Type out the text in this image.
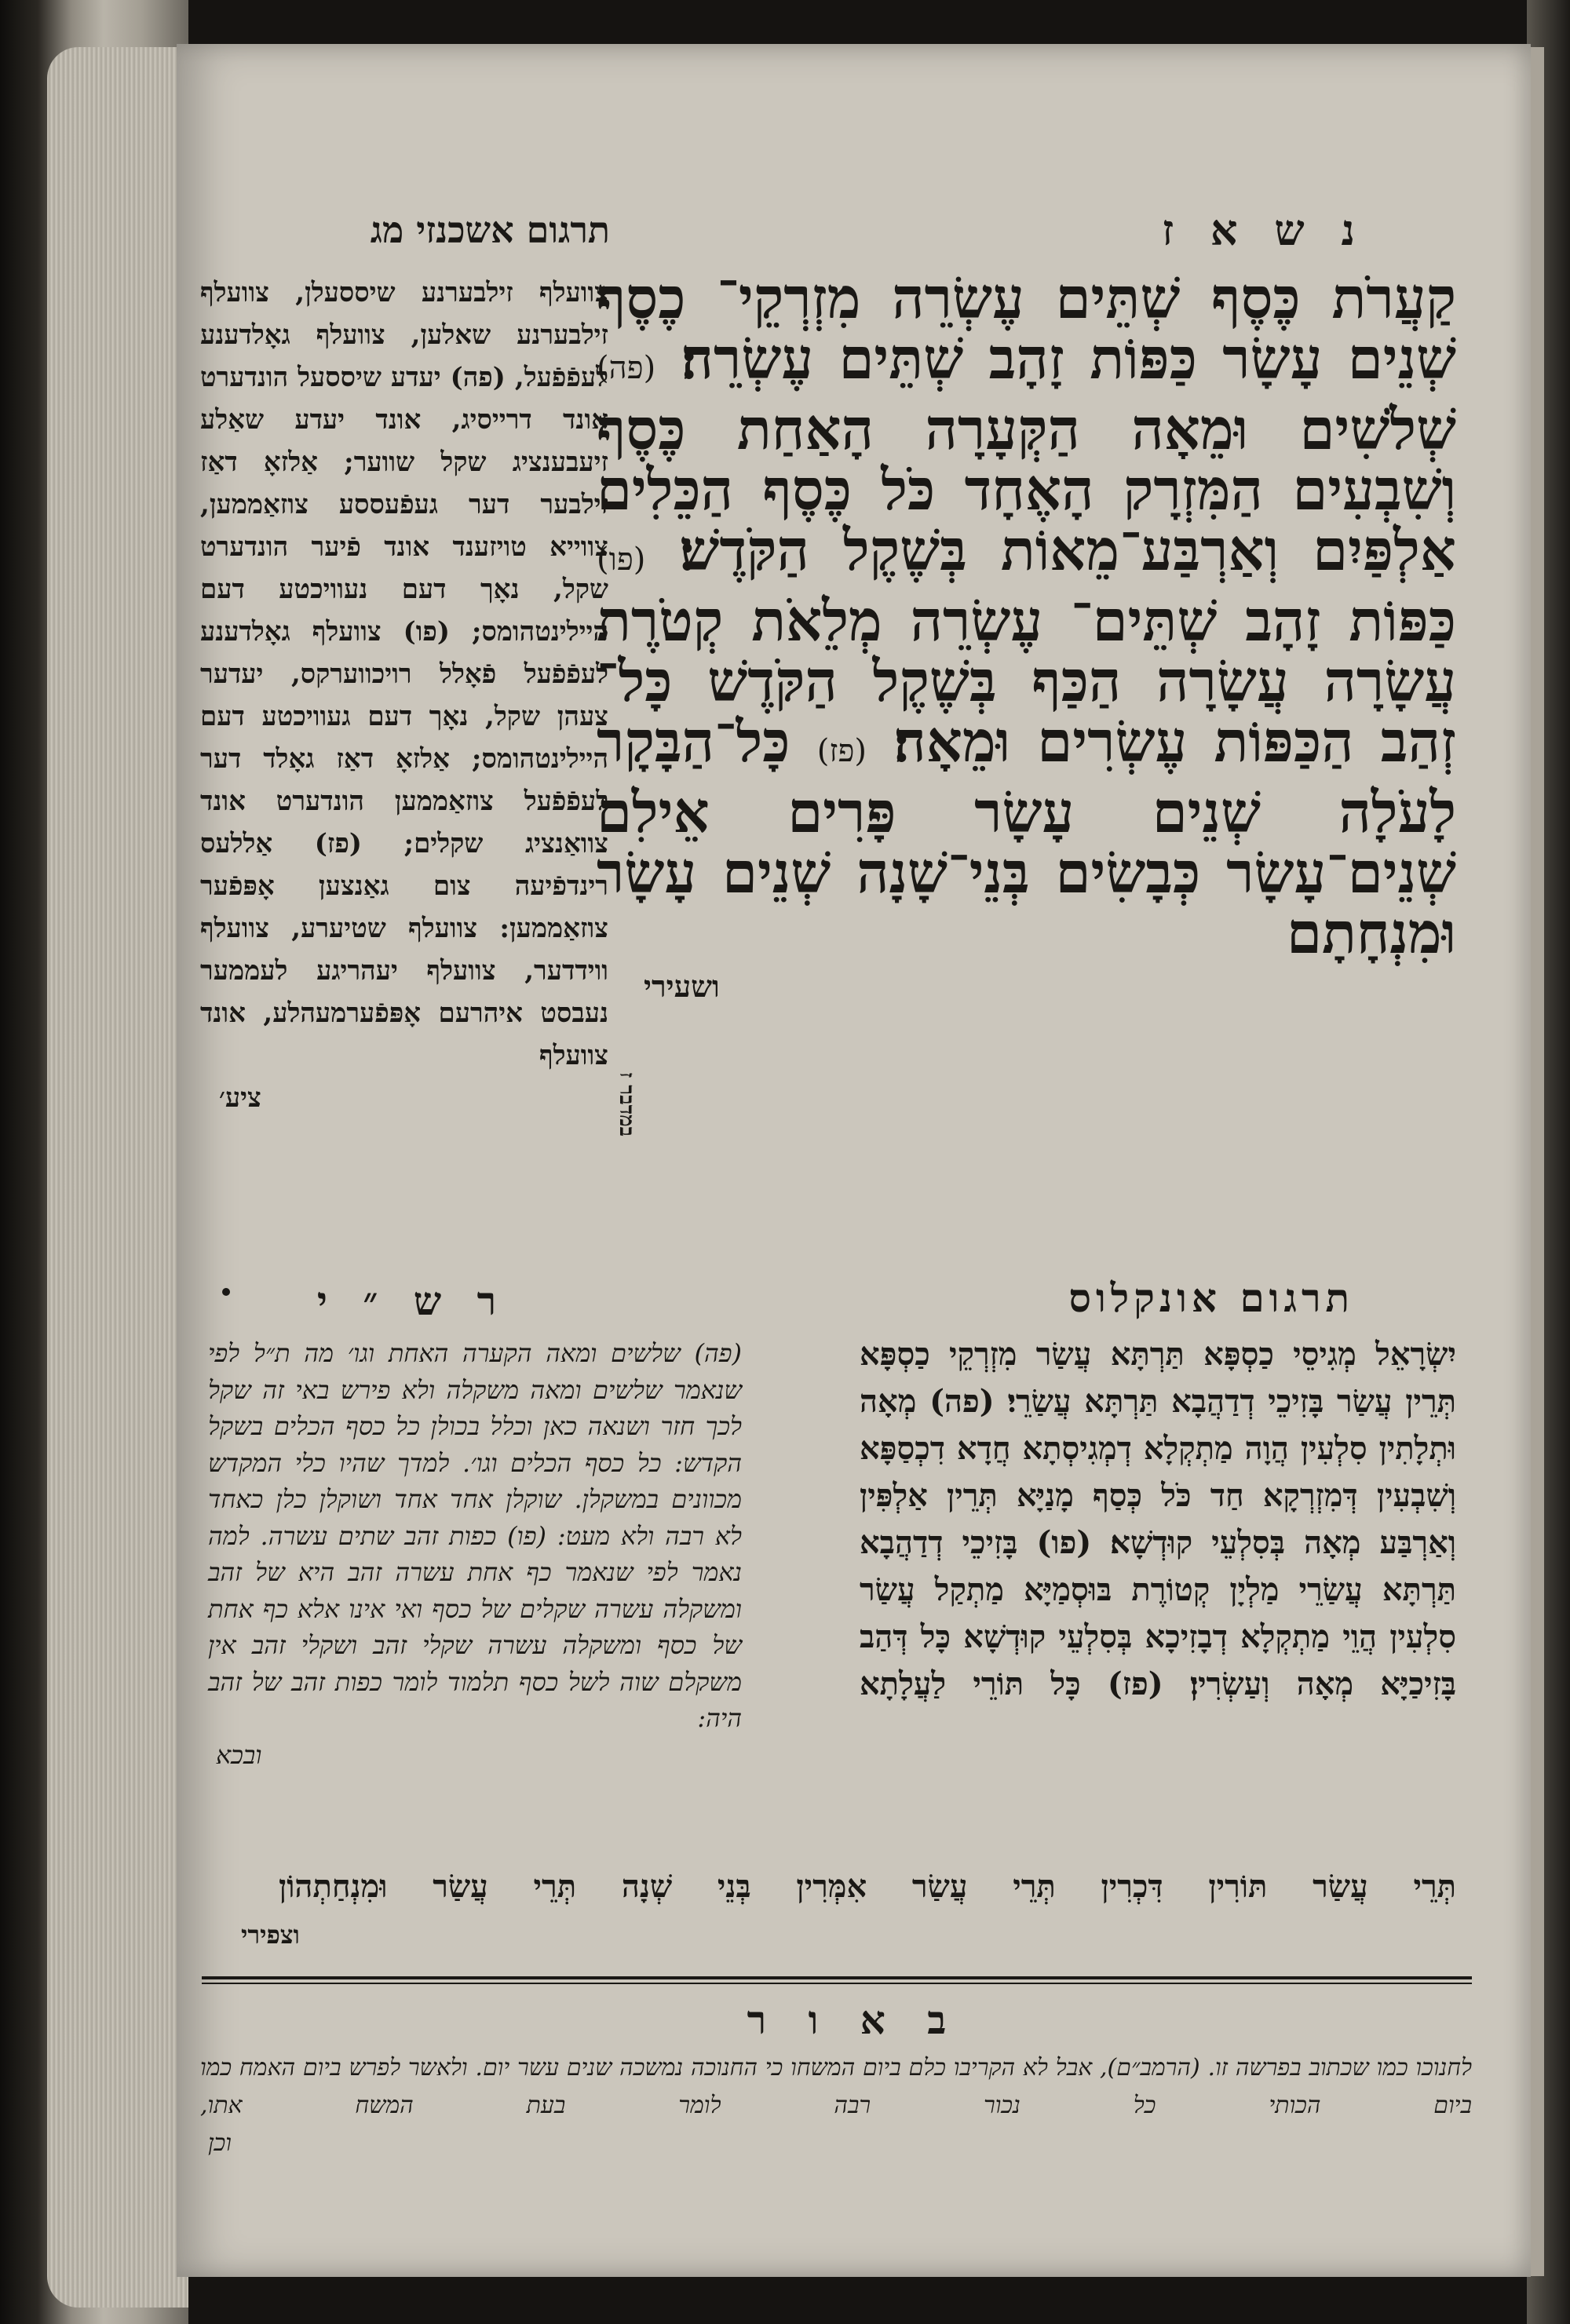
נ ש א ז
תרגום אשכנזי מג
קַעֲרֹת כֶּסֶף שְׁתֵּים עֶשְׂרֵה מִזְרְקֵי־ כֶסֶף שְׁנֵים עָשָׂר כַּפּוֹת זָהָב שְׁתֵּים עֶשְׂרֵה׃ (פה) שְׁלֹשִׁים וּמֵאָה הַקְּעָרָה הָאַחַת כֶּסֶף וְשִׁבְעִים הַמִּזְרָק הָאֶחָד כֹּל כֶּסֶף הַכֵּלִים אַלְפַּיִם וְאַרְבַּע־מֵאוֹת בְּשֶׁקֶל הַקֹּדֶשׁ׃ (פו) כַּפּוֹת זָהָב שְׁתֵּים־ עֶשְׂרֵה מְלֵאֹת קְטֹרֶת עֲשָׂרָה עֲשָׂרָה הַכַּף בְּשֶׁקֶל הַקֹּדֶשׁ כָּל־ זְהַב הַכַּפּוֹת עֶשְׂרִים וּמֵאָה׃ (פז) כָּל־הַבָּקָר לָעֹלָה שְׁנֵים עָשָׂר פָּרִים אֵילִם שְׁנֵים־עָשָׂר כְּבָשִׂים בְּנֵי־שָׁנָה שְׁנֵים עָשָׂר וּמִנְחָתָם
ושעירי
צוועלף זילבערנע שיססעלן, צוועלף זילבערנע שאלען, צוועלף גאָלדענע לעפֿפֿעל, (פה) יעדע שיססעל הונדערט אונד דרייסיג, אונד יעדע שאַלע זיעבענציג שקל שווער; אַלזאָ דאַז זילבער דער געפֿעססע צוזאַממען, צווייא טויזענד אונד פֿיער הונדערט שקל, נאָך דעם נעוויכטע דעם היילינטהומס; (פו) צוועלף גאָלדענע לעפֿפֿעל פֿאָלל רויכווערקס, יעדער צעהן שקל, נאָך דעם געוויכטע דעם היילינטהומס; אַלזאָ דאַז גאָלד דער לעפֿפֿעל צוזאַממען הונדערט אונד צוואַנציג שקלים; (פז) אַללעס רינדפֿיעה צום גאַנצען אָפּפֿער צוזאַממען: צוועלף שטיערע, צוועלף ווידדער, צוועלף יעהריגע לעממער נעבסט איהרעם אָפּפֿערמעהלע, אונד צוועלף
ציע׳	במדבר ז
תרגום אונקלוס
ר ש ״ י
יִשְׂרָאֵל מְגִיסֵי כַסְפָּא תַּרְתָּא עֲשַׂר מִזְרְקֵי כַסְפָּא תְּרֵין עֲשַׂר בָּזִיכֵי דְדַהֲבָא תַּרְתָּא עֲשַׂרֵי׃ (פה) מְאָה וּתְלָתִין סִלְעִין הֲוָה מַתְקְלָא דְמְגִיסְתָא חֲדָא דִכְסַפָּא וְשִׁבְעִין דְּמִזְרְקָא חַד כֹּל כְּסַף מָנַיָּא תְּרֵין אַלְפִּין וְאַרְבַּע מְאָה בְּסִלְעֵי קוּדְשָׁא׃ (פו) בָּזִיכֵי דְדַהֲבָא תַּרְתָּא עֲשַׂרֵי מַלְיָן קְטוֹרֶת בּוּסְמַיָּא מַתְקַל עֲשַׂר סִלְעִין הֲוֵי מַתְקְלָא דְבָזִיכָא בְּסִלְעֵי קוּדְשָׁא כָּל דְּהַב בָּזִיכַיָּא מְאָה וְעַשְׂרִין׃ (פז) כָּל תּוֹרֵי לַעֲלָתָא
(פה) שלשים ומאה הקערה האחת וגו׳ מה ת״ל לפי שנאמר שלשים ומאה משקלה ולא פירש באי זה שקל לכך חזר ושנאה כאן וכלל בכולן כל כסף הכלים בשקל הקדש: כל כסף הכלים וגו׳. למדך שהיו כלי המקדש מכוונים במשקלן. שוקלן אחד אחד ושוקלן כלן כאחד לא רבה ולא מעט: (פו) כפות זהב שתים עשרה. למה נאמר לפי שנאמר כף אחת עשרה זהב היא של זהב ומשקלה עשרה שקלים של כסף ואי אינו אלא כף אחת של כסף ומשקלה עשרה שקלי זהב ושקלי זהב אין משקלם שוה לשל כסף תלמוד לומר כפות זהב של זהב היה:
ובכא
תְּרֵי עֲשַׂר תּוֹרִין דִּכְרִין תְּרֵי עֲשַׂר אִמְּרִין בְּנֵי שְׁנָה תְּרֵי עֲשַׂר וּמִנְחַתְהוֹן
וצפירי
ב א ו ר
לחנוכו כמו שכתוב בפרשה זו. (הרמב״ם), אבל לא הקריבו כלם ביום המשחו כי החנוכה נמשכה שנים עשר יום. ולאשר לפרש ביום האמח כמו ביום הכותי כל נכור רבה לומר בעת המשח אתו,
וכן
